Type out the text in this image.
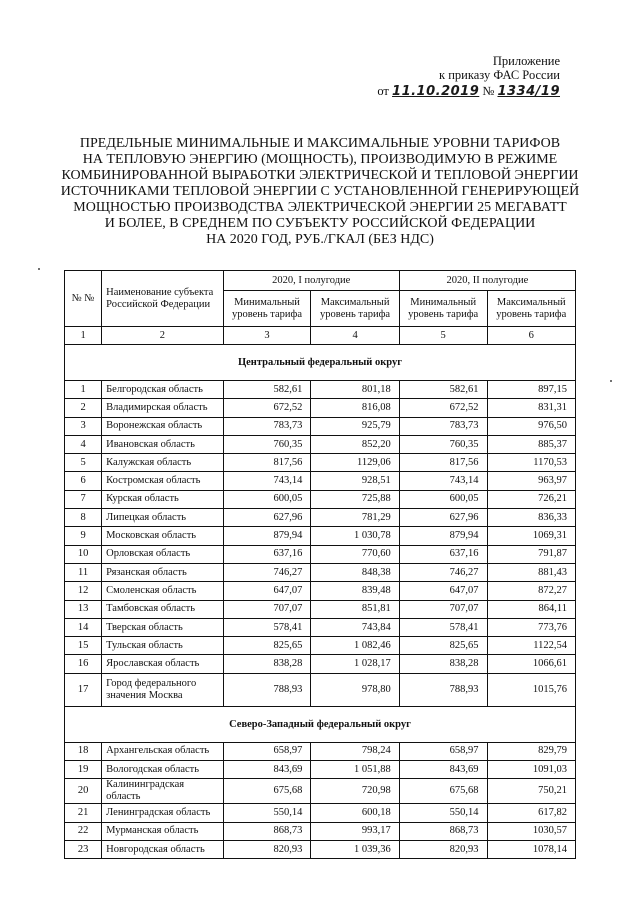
Приложение
к приказу ФАС России
от 11.10.2019 № 1334/19
ПРЕДЕЛЬНЫЕ МИНИМАЛЬНЫЕ И МАКСИМАЛЬНЫЕ УРОВНИ ТАРИФОВ
НА ТЕПЛОВУЮ ЭНЕРГИЮ (МОЩНОСТЬ), ПРОИЗВОДИМУЮ В РЕЖИМЕ
КОМБИНИРОВАННОЙ ВЫРАБОТКИ ЭЛЕКТРИЧЕСКОЙ И ТЕПЛОВОЙ ЭНЕРГИИ
ИСТОЧНИКАМИ ТЕПЛОВОЙ ЭНЕРГИИ С УСТАНОВЛЕННОЙ ГЕНЕРИРУЮЩЕЙ
МОЩНОСТЬЮ ПРОИЗВОДСТВА ЭЛЕКТРИЧЕСКОЙ ЭНЕРГИИ 25 МЕГАВАТТ
И БОЛЕЕ, В СРЕДНЕМ ПО СУБЪЕКТУ РОССИЙСКОЙ ФЕДЕРАЦИИ
НА 2020 ГОД, РУБ./ГКАЛ (БЕЗ НДС)
№ №	Наименование субъекта Российской Федерации	2020, I полугодие		2020, II полугодие	
		Минимальный уровень тарифа	Максимальный уровень тарифа	Минимальный уровень тарифа	Максимальный уровень тарифа
1	2	3	4	5	6
Центральный федеральный округ					
1	Белгородская область	582,61	801,18	582,61	897,15
2	Владимирская область	672,52	816,08	672,52	831,31
3	Воронежская область	783,73	925,79	783,73	976,50
4	Ивановская область	760,35	852,20	760,35	885,37
5	Калужская область	817,56	1129,06	817,56	1170,53
6	Костромская область	743,14	928,51	743,14	963,97
7	Курская область	600,05	725,88	600,05	726,21
8	Липецкая область	627,96	781,29	627,96	836,33
9	Московская область	879,94	1 030,78	879,94	1069,31
10	Орловская область	637,16	770,60	637,16	791,87
11	Рязанская область	746,27	848,38	746,27	881,43
12	Смоленская область	647,07	839,48	647,07	872,27
13	Тамбовская область	707,07	851,81	707,07	864,11
14	Тверская область	578,41	743,84	578,41	773,76
15	Тульская область	825,65	1 082,46	825,65	1122,54
16	Ярославская область	838,28	1 028,17	838,28	1066,61
17	Город федерального значения Москва	788,93	978,80	788,93	1015,76
Северо-Западный федеральный округ					
18	Архангельская область	658,97	798,24	658,97	829,79
19	Вологодская область	843,69	1 051,88	843,69	1091,03
20	Калининградская область	675,68	720,98	675,68	750,21
21	Ленинградская область	550,14	600,18	550,14	617,82
22	Мурманская область	868,73	993,17	868,73	1030,57
23	Новгородская область	820,93	1 039,36	820,93	1078,14
